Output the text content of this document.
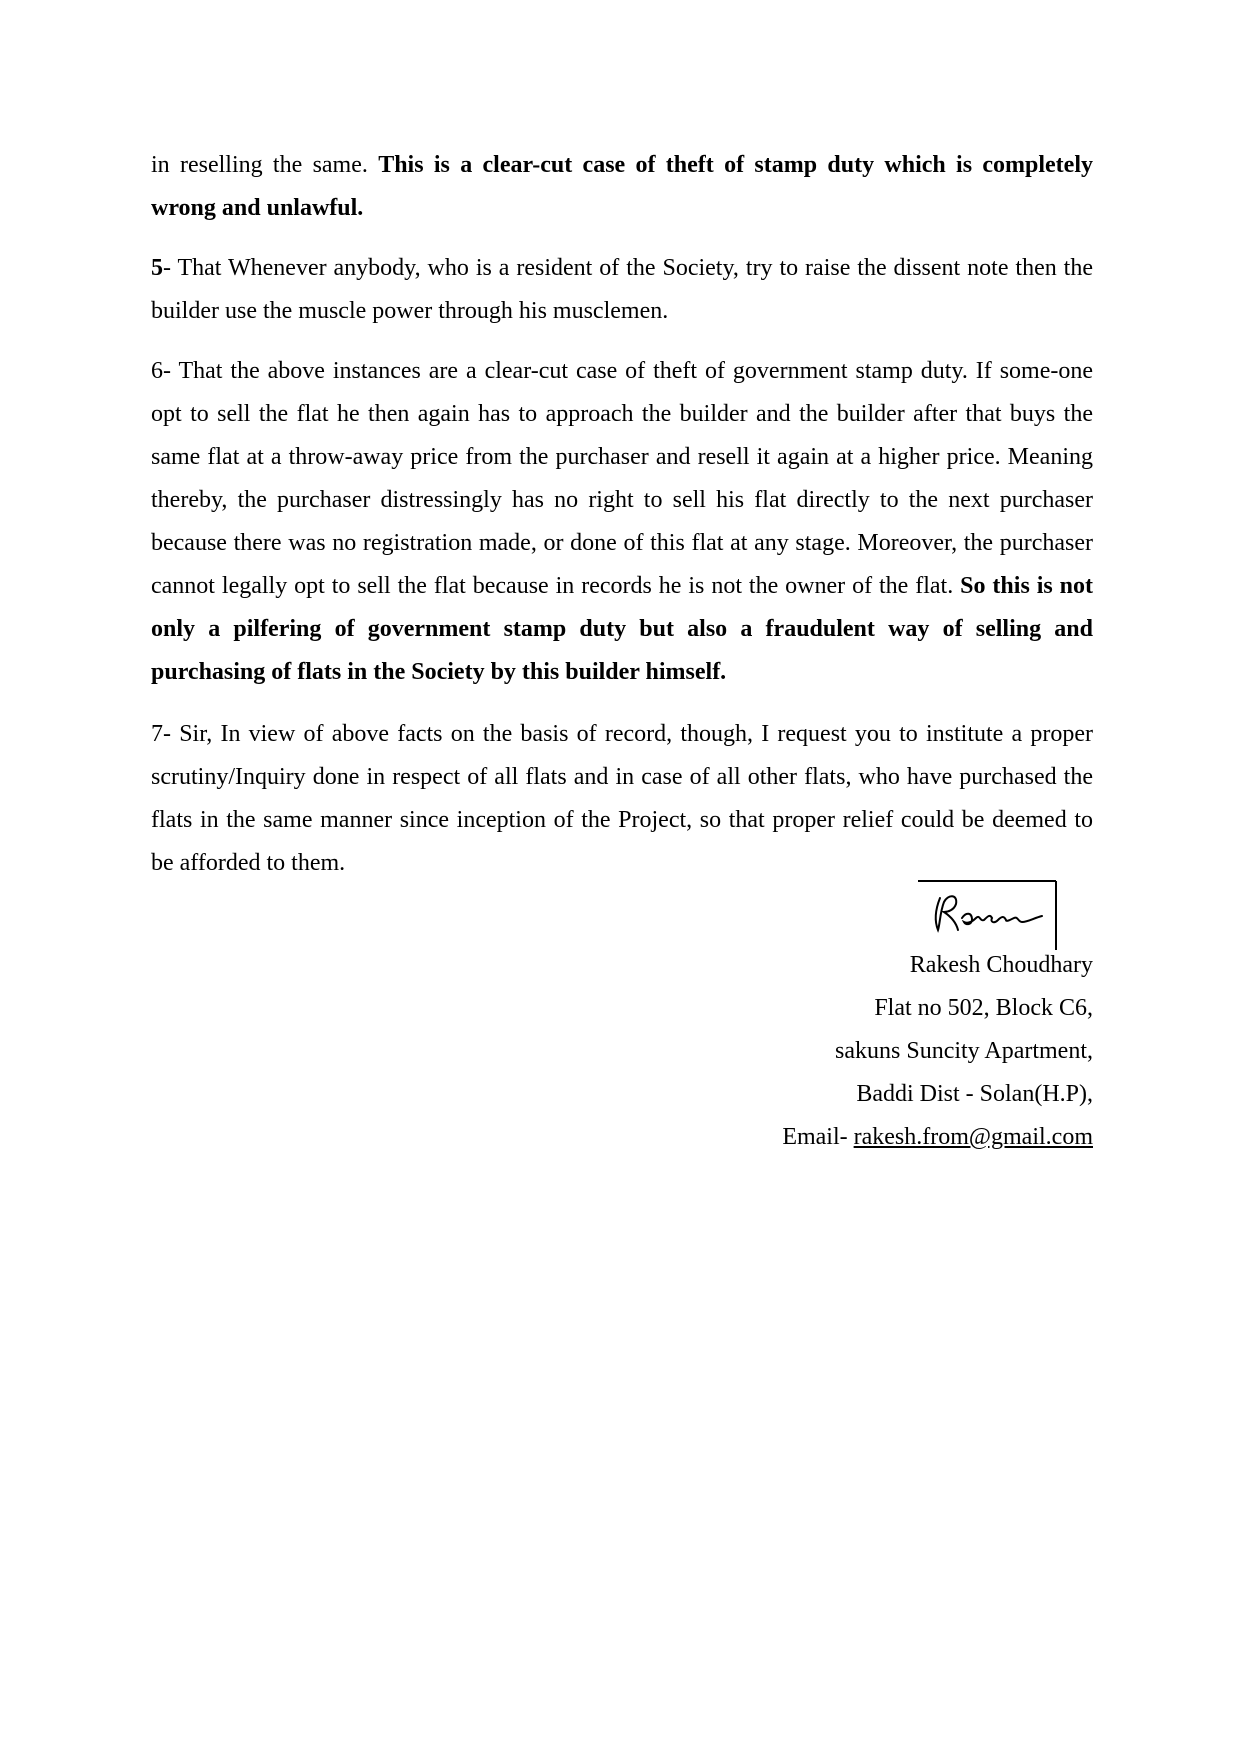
in reselling the same. This is a clear-cut case of theft of stamp duty which is completely wrong and unlawful.

5- That Whenever anybody, who is a resident of the Society, try to raise the dissent note then the builder use the muscle power through his musclemen.

6- That the above instances are a clear-cut case of theft of government stamp duty. If some-one opt to sell the flat he then again has to approach the builder and the builder after that buys the same flat at a throw-away price from the purchaser and resell it again at a higher price. Meaning thereby, the purchaser distressingly has no right to sell his flat directly to the next purchaser because there was no registration made, or done of this flat at any stage. Moreover, the purchaser cannot legally opt to sell the flat because in records he is not the owner of the flat. So this is not only a pilfering of government stamp duty but also a fraudulent way of selling and purchasing of flats in the Society by this builder himself.

7- Sir, In view of above facts on the basis of record, though, I request you to institute a proper scrutiny/Inquiry done in respect of all flats and in case of all other flats, who have purchased the flats in the same manner since inception of the Project, so that proper relief could be deemed to be afforded to them.

Rakesh Choudhary
Flat no 502, Block C6,
sakuns Suncity Apartment,
Baddi Dist - Solan(H.P),
Email- rakesh.from@gmail.com
